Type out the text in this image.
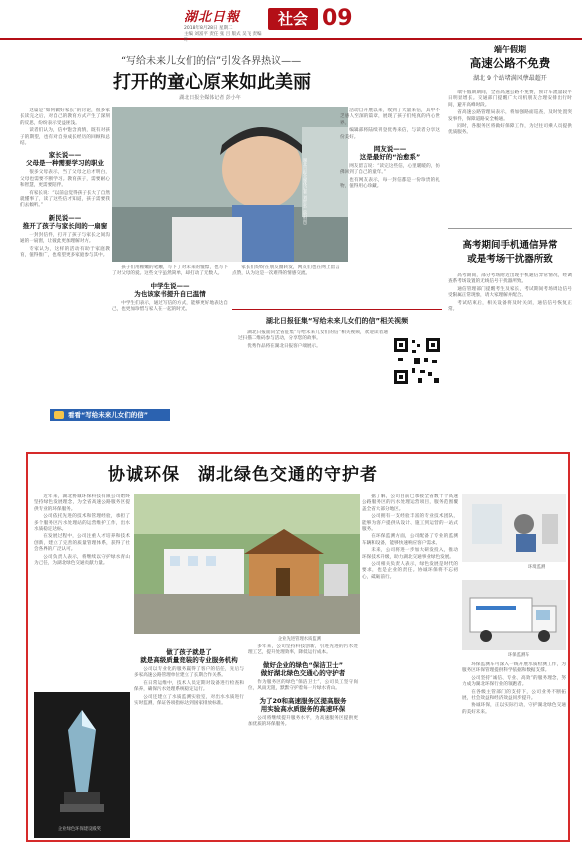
湖北日報
2018年8月28日 星期二
主编 刘富平 责任 张 吕 版式 吴飞 责编 叶
社会 09
“写给未来儿女们的信”引发各界热议——
打开的童心原来如此美丽
湖北日报全媒体记者 彭小年

这篇是“如何做好家长”的讨论，很多家长读完之后，对自己的教育方式产生了深刻的反思，纷纷表示受益匪浅。

读者们认为，信中饱含真情，既有对孩子的期望，也有对自身成长经历的回顾和总结。

家长说——
父母是一种需要学习的职业

很多父母表示，当了父母之后才明白，父母也需要不断学习。教育孩子，需要耐心和智慧，更需要陪伴。

有家长说：“以前总觉得孩子长大了自然就懂事了，读了这些信才知道，孩子需要我们去倾听。”

新民说——
推开了孩子与家长间的一扇窗

一封封信件，打开了孩子与家长之间沟通的一扇窗，让彼此更加理解对方。

专家认为，这样的活动有助于家庭教育，值得推广，也希望更多家庭参与其中。

湖北日报全媒体记者 刘世玄（资料图）

孩子们用稚嫩的笔触，写下了对未来的憧憬，也写下了对父母的爱。这些文字虽然简单，却打动了无数人。

中学生说——
为也该家书提升自已温情

中学生们表示，通过写信的方式，能够更好地表达自己，也更加珍惜与家人在一起的时光。

家长们纷纷在朋友圈转发，网友们也在网上留言点赞，认为这是一次难得的情感交流。

活动自开展以来，收到了大量来信，其中不乏感人至深的篇章，展现了孩子们纯真的内心世界。

编辑部将陆续刊登优秀来信，与读者分享这份美好。

网友说——
这是最好的“治愈系”

网友留言说：“读完这些信，心里暖暖的，仿佛回到了自己的童年。”

也有网友表示，每一封信都是一份珍贵的礼物，值得用心珍藏。

湖北日报征集“写给未来儿女们的信”相关视频

湖北日报面向全省征集“写给未来儿女们的信”相关视频，欢迎读者通过扫描二维码参与活动，分享您的故事。

优秀作品将在湖北日报客户端展示。

看看“写给未来儿女们的信”
端午假期
高速公路不免费
湖北 9 个站堵满风孽最超开

端午假期期间，全省高速公路不免费，预计车流量较平日明显增长。交通部门提醒广大司机朋友合理安排出行时间，避开高峰时段。

省高速公路管理局表示，将加强路面巡查，及时处置突发事件，保障道路安全畅通。

同时，各服务区将做好保障工作，为过往司乘人员提供优质服务。

高考期间手机通信异常
或是考场干扰器所致

高考期间，部分考场附近出现手机通信异常情况，经调查系考场设置的无线信号干扰器所致。

通信管理部门提醒考生及家长，考试期间考场周边信号受限属正常现象，请大家理解并配合。

考试结束后，相关设备将及时关闭，通信信号恢复正常。

协诚环保　湖北绿色交通的守护者

近年来，湖北协诚环保科技有限公司始终坚持绿色发展理念，为全省高速公路服务区提供专业的环保服务。

公司依托先进的技术和管理经验，承担了多个服务区污水处理站的运营维护工作，出水水质稳定达标。

在发展过程中，公司注重人才培养和技术创新，建立了完善的质量管理体系，获得了社会各界的广泛认可。

公司负责人表示，将继续以守护绿水青山为己任，为湖北绿色交通贡献力量。

企业先进管理水质监测
做了孩子就是了
就是高级质量竞装的专业服务机构

公司以专业化的服务赢得了客户的信任，先后与多家高速公路管理单位建立了长期合作关系。

在日常运维中，技术人员定期对设备进行检查和保养，确保污水处理系统稳定运行。

公司还建立了水质监测实验室，对出水水质进行实时监测，保证各项指标达到国家排放标准。

多年来，公司坚持科技创新，引进先进的污水处理工艺，提升处理效率，降低运行成本。

做好企业的绿色“保洁卫士”
做好湖北绿色交通心的守护者

作为服务区的绿色“保洁卫士”，公司员工坚守岗位，风雨无阻，默默守护着每一片绿水青山。

为了20和高速服务区提高服务
用实验高水质服务的高速环保

公司将继续提升服务水平，为高速服务区提供更加优质的环保服务。

据了解，公司目前已承接全省数十个高速公路服务区的污水处理运营项目，服务范围覆盖全省大部分地区。

公司拥有一支经验丰富的专业技术团队，能够为客户提供从设计、施工到运营的一站式服务。

在环保监测方面，公司配备了专业的监测车辆和设备，能够快速响应客户需求。

未来，公司将进一步加大研发投入，推动环保技术升级，助力湖北交通事业绿色发展。

公司相关负责人表示，绿色发展是时代的要求，也是企业的责任。协诚环保将不忘初心，砥砺前行。

企业绿色环保建设殿奖
环境监测
环保监测车

环保监测车可深入一线开展水质检测工作，为服务区环保管理提供科学依据和数据支撑。

公司坚持“诚信、专业、高效”的服务理念，努力成为湖北环保行业的领跑者。

在各级主管部门的支持下，公司业务不断拓展，社会效益和经济效益同步提升。

协诚环保，正以实际行动，守护湖北绿色交通的美好未来。
